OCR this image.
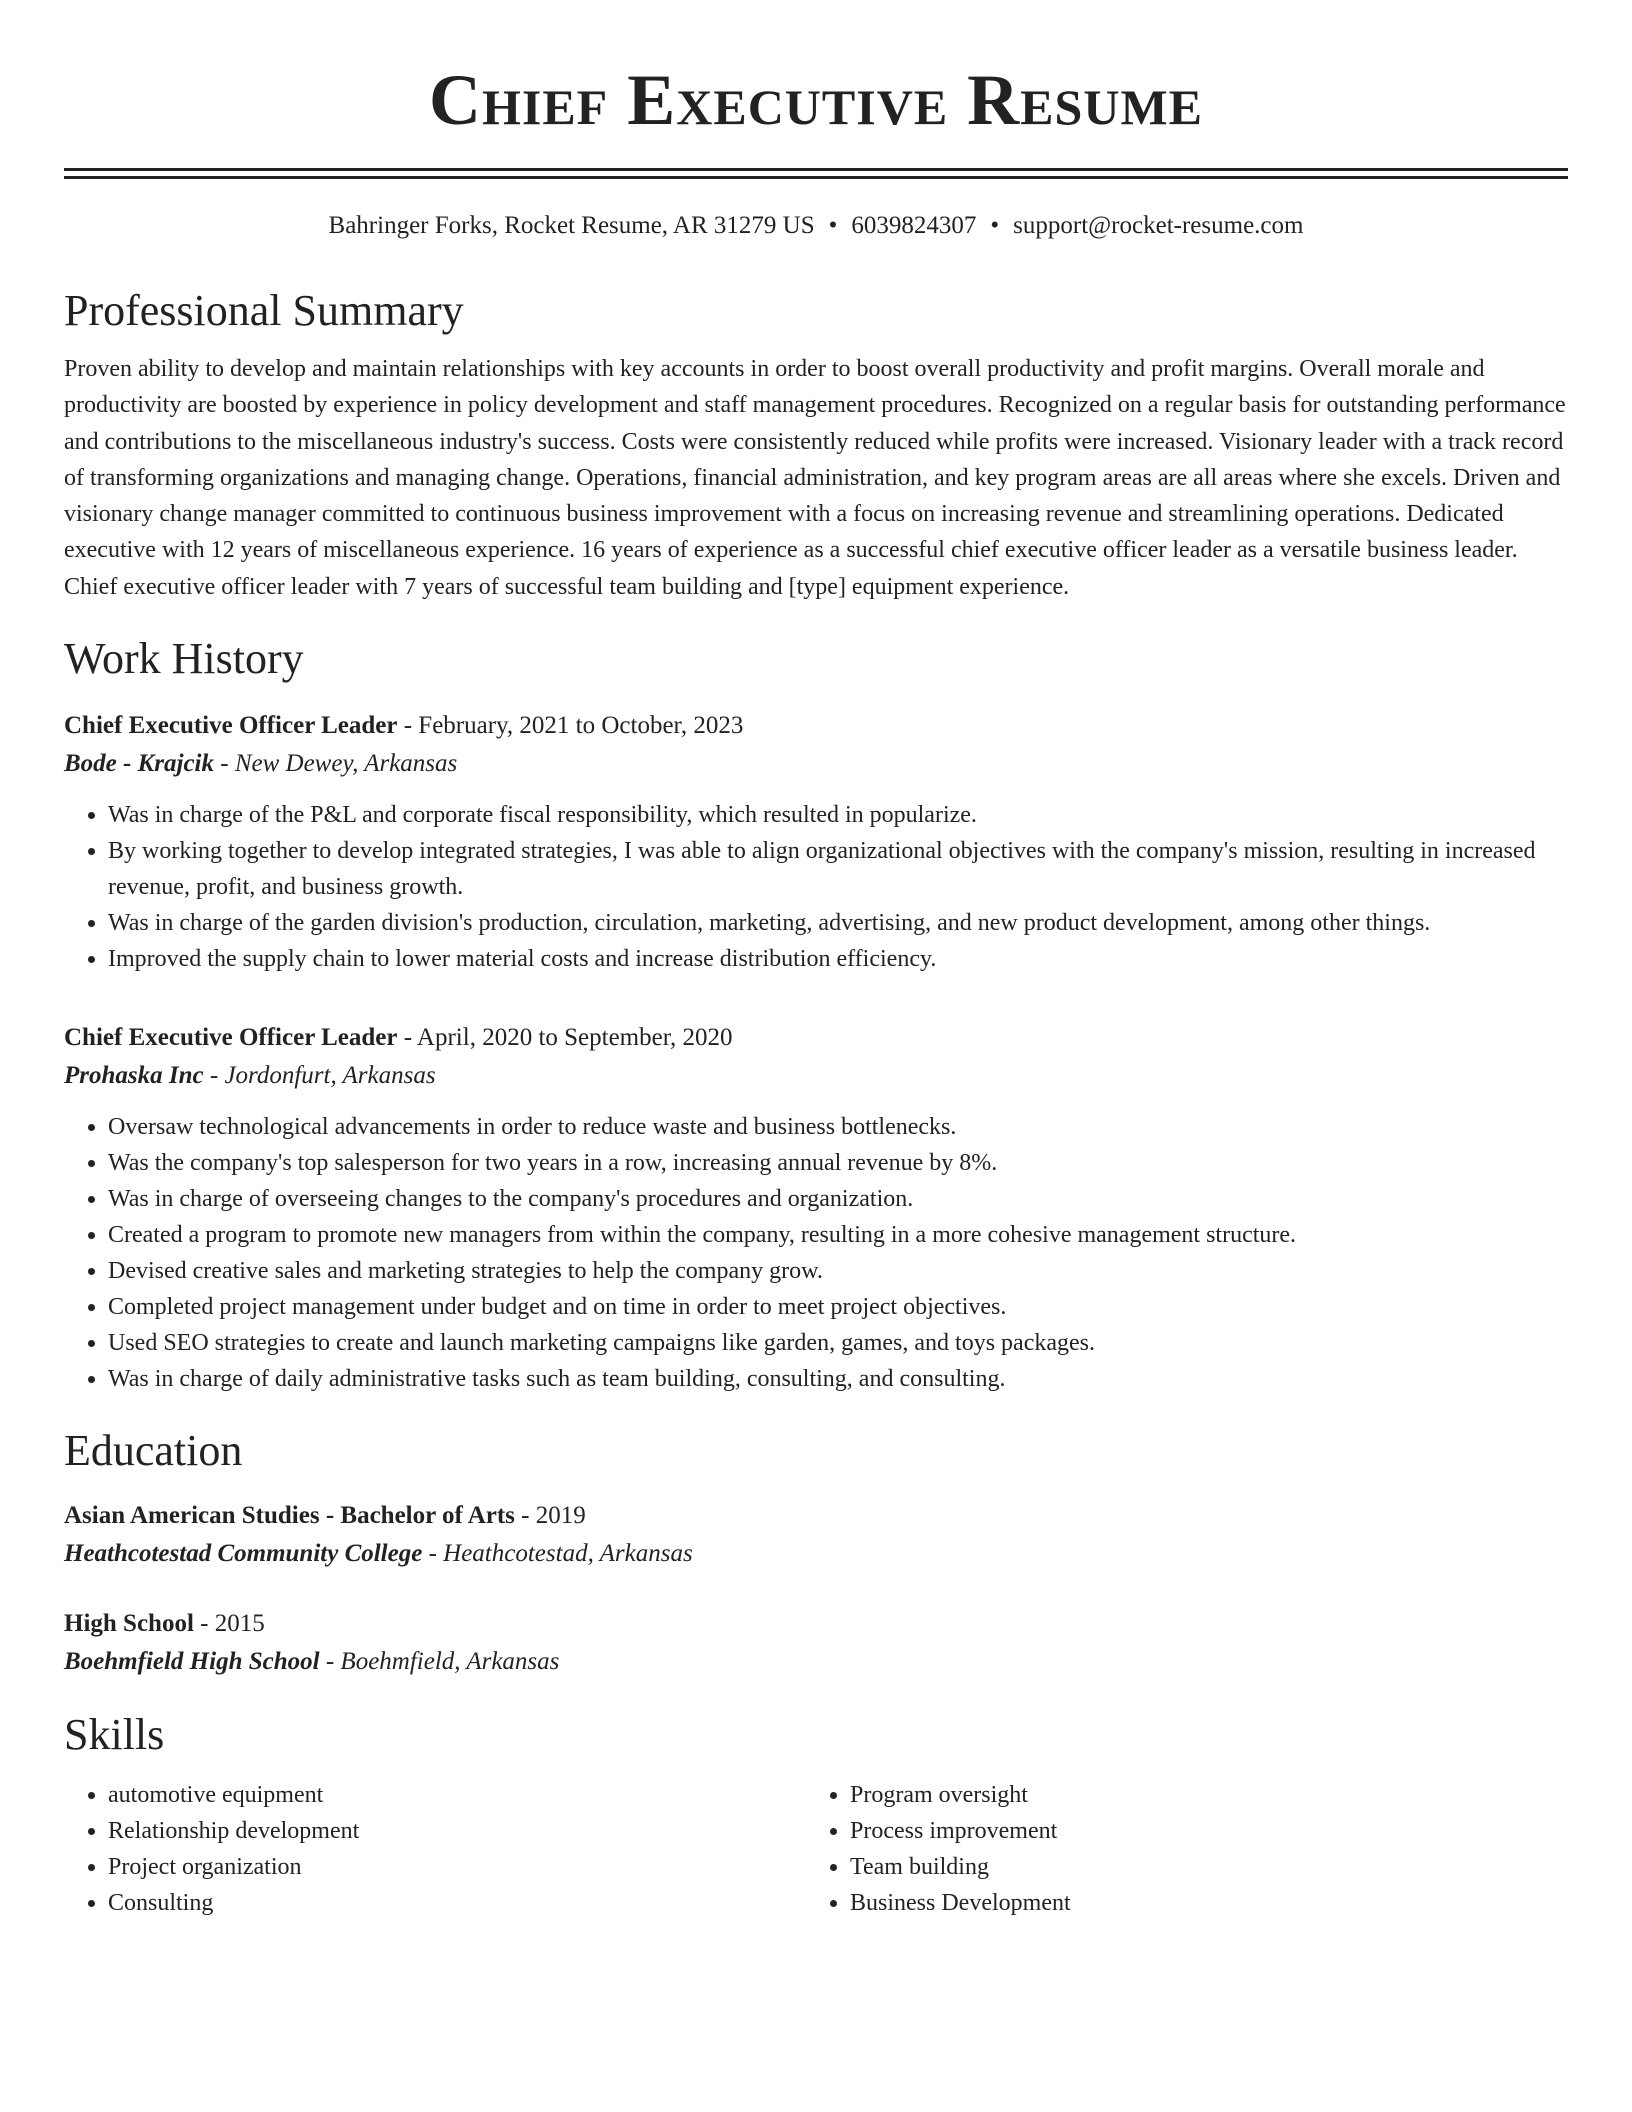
Chief Executive Resume
Bahringer Forks, Rocket Resume, AR 31279 US • 6039824307 • support@rocket-resume.com
Professional Summary

Proven ability to develop and maintain relationships with key accounts in order to boost overall productivity and profit margins. Overall morale and productivity are boosted by experience in policy development and staff management procedures. Recognized on a regular basis for outstanding performance and contributions to the miscellaneous industry's success. Costs were consistently reduced while profits were increased. Visionary leader with a track record of transforming organizations and managing change. Operations, financial administration, and key program areas are all areas where she excels. Driven and visionary change manager committed to continuous business improvement with a focus on increasing revenue and streamlining operations. Dedicated executive with 12 years of miscellaneous experience. 16 years of experience as a successful chief executive officer leader as a versatile business leader. Chief executive officer leader with 7 years of successful team building and [type] equipment experience.

Work History
Chief Executive Officer Leader - February, 2021 to October, 2023
Bode - Krajcik - New Dewey, Arkansas
• Was in charge of the P&L and corporate fiscal responsibility, which resulted in popularize.
• By working together to develop integrated strategies, I was able to align organizational objectives with the company's mission, resulting in increased revenue, profit, and business growth.
• Was in charge of the garden division's production, circulation, marketing, advertising, and new product development, among other things.
• Improved the supply chain to lower material costs and increase distribution efficiency.
Chief Executive Officer Leader - April, 2020 to September, 2020
Prohaska Inc - Jordonfurt, Arkansas
• Oversaw technological advancements in order to reduce waste and business bottlenecks.
• Was the company's top salesperson for two years in a row, increasing annual revenue by 8%.
• Was in charge of overseeing changes to the company's procedures and organization.
• Created a program to promote new managers from within the company, resulting in a more cohesive management structure.
• Devised creative sales and marketing strategies to help the company grow.
• Completed project management under budget and on time in order to meet project objectives.
• Used SEO strategies to create and launch marketing campaigns like garden, games, and toys packages.
• Was in charge of daily administrative tasks such as team building, consulting, and consulting.
Education
Asian American Studies - Bachelor of Arts - 2019
Heathcotestad Community College - Heathcotestad, Arkansas
High School - 2015
Boehmfield High School - Boehmfield, Arkansas
Skills
• automotive equipment
• Relationship development
• Project organization
• Consulting
• Program oversight
• Process improvement
• Team building
• Business Development
